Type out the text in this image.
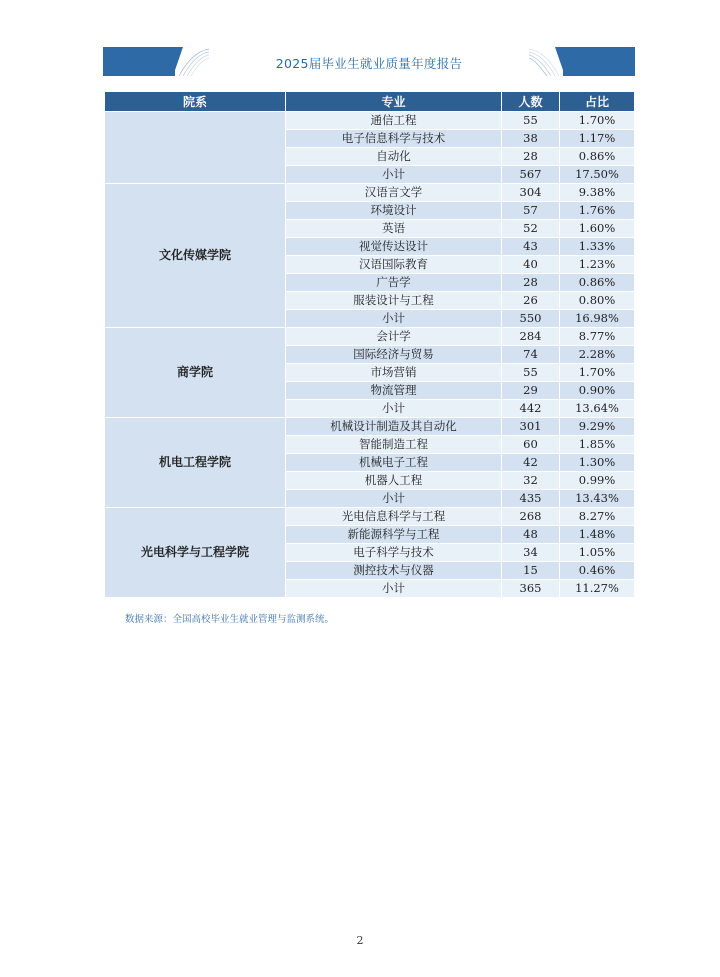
2025届毕业生就业质量年度报告
院系	专业	人数	占比
	通信工程	55	1.70%
	电子信息科学与技术	38	1.17%
	自动化	28	0.86%
	小计	567	17.50%
文化传媒学院	汉语言文学	304	9.38%
	环境设计	57	1.76%
	英语	52	1.60%
	视觉传达设计	43	1.33%
	汉语国际教育	40	1.23%
	广告学	28	0.86%
	服装设计与工程	26	0.80%
	小计	550	16.98%
商学院	会计学	284	8.77%
	国际经济与贸易	74	2.28%
	市场营销	55	1.70%
	物流管理	29	0.90%
	小计	442	13.64%
机电工程学院	机械设计制造及其自动化	301	9.29%
	智能制造工程	60	1.85%
	机械电子工程	42	1.30%
	机器人工程	32	0.99%
	小计	435	13.43%
光电科学与工程学院	光电信息科学与工程	268	8.27%
	新能源科学与工程	48	1.48%
	电子科学与技术	34	1.05%
	测控技术与仪器	15	0.46%
	小计	365	11.27%
数据来源：全国高校毕业生就业管理与监测系统。
2
